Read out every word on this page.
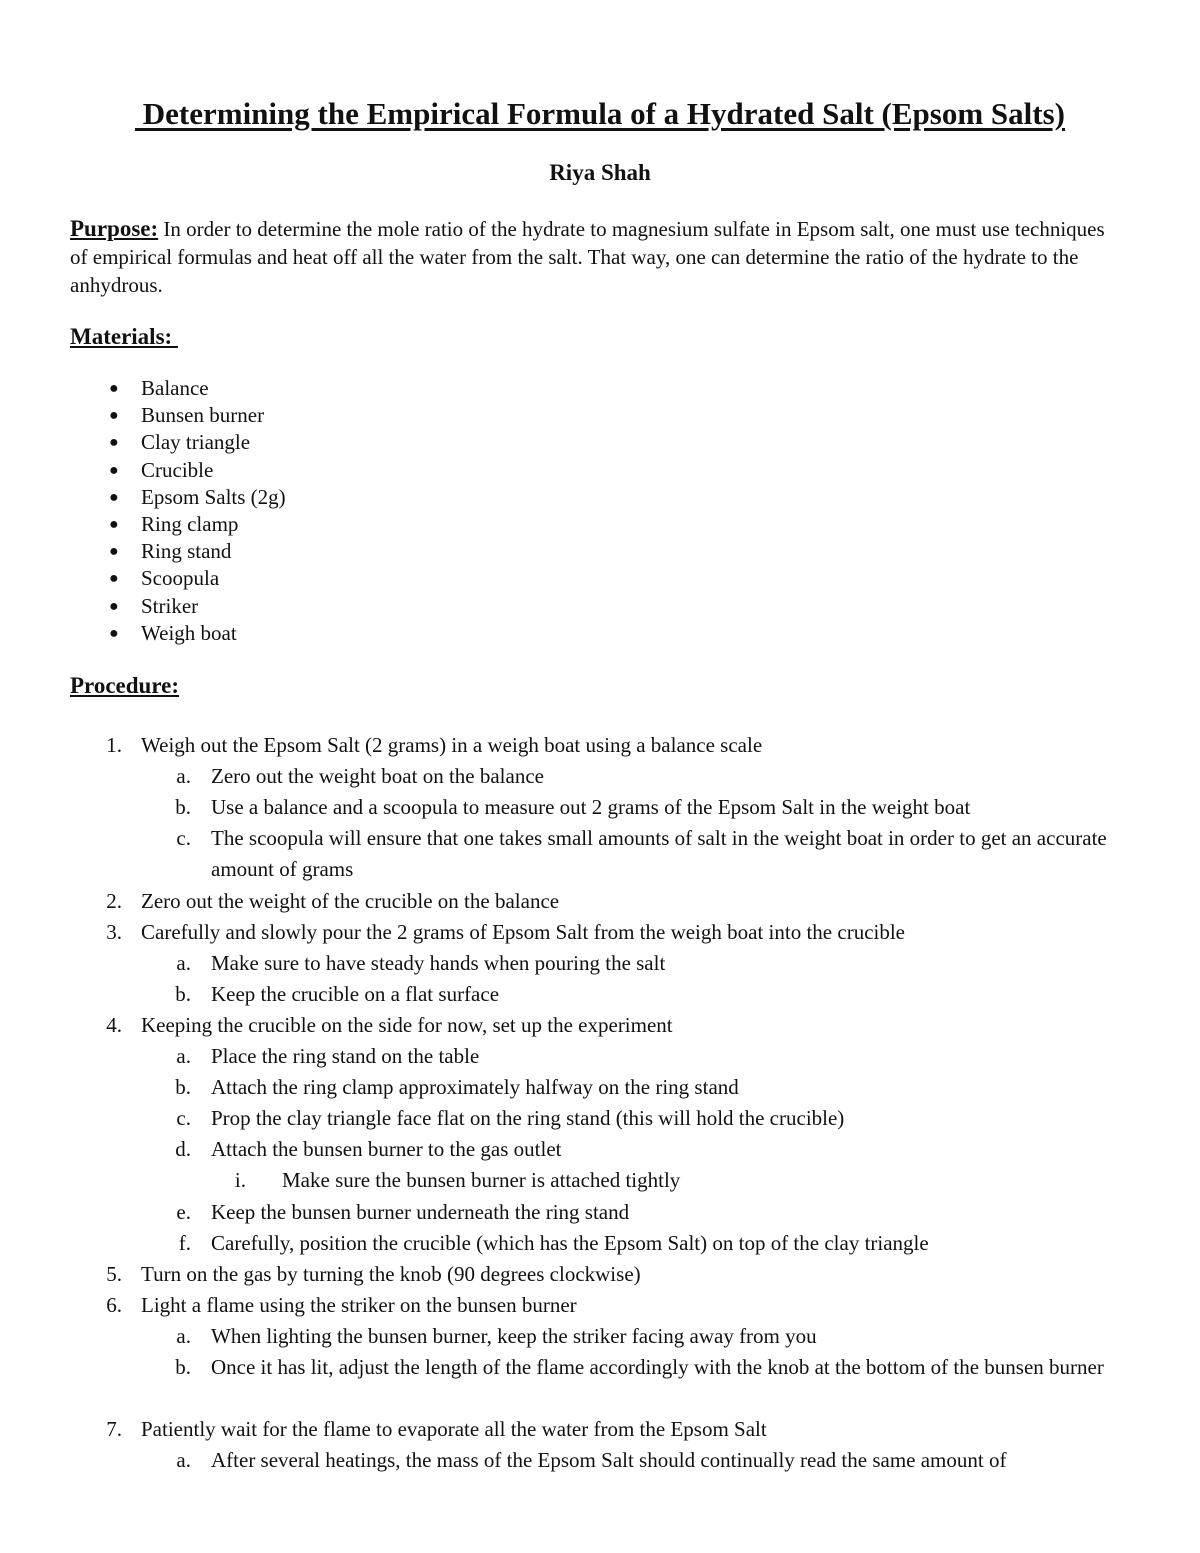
Determining the Empirical Formula of a Hydrated Salt (Epsom Salts)
Riya Shah
Purpose: In order to determine the mole ratio of the hydrate to magnesium sulfate in Epsom salt, one must use techniques of empirical formulas and heat off all the water from the salt. That way, one can determine the ratio of the hydrate to the anhydrous.
Materials:
● Balance
● Bunsen burner
● Clay triangle
● Crucible
● Epsom Salts (2g)
● Ring clamp
● Ring stand
● Scoopula
● Striker
● Weigh boat
Procedure:
1. Weigh out the Epsom Salt (2 grams) in a weigh boat using a balance scale
a. Zero out the weight boat on the balance
b. Use a balance and a scoopula to measure out 2 grams of the Epsom Salt in the weight boat
c. The scoopula will ensure that one takes small amounts of salt in the weight boat in order to get an accurate amount of grams
2. Zero out the weight of the crucible on the balance
3. Carefully and slowly pour the 2 grams of Epsom Salt from the weigh boat into the crucible
a. Make sure to have steady hands when pouring the salt
b. Keep the crucible on a flat surface
4. Keeping the crucible on the side for now, set up the experiment
a. Place the ring stand on the table
b. Attach the ring clamp approximately halfway on the ring stand
c. Prop the clay triangle face flat on the ring stand (this will hold the crucible)
d. Attach the bunsen burner to the gas outlet
i. Make sure the bunsen burner is attached tightly
e. Keep the bunsen burner underneath the ring stand
f. Carefully, position the crucible (which has the Epsom Salt) on top of the clay triangle
5. Turn on the gas by turning the knob (90 degrees clockwise)
6. Light a flame using the striker on the bunsen burner
a. When lighting the bunsen burner, keep the striker facing away from you
b. Once it has lit, adjust the length of the flame accordingly with the knob at the bottom of the bunsen burner
7. Patiently wait for the flame to evaporate all the water from the Epsom Salt
a. After several heatings, the mass of the Epsom Salt should continually read the same amount of
